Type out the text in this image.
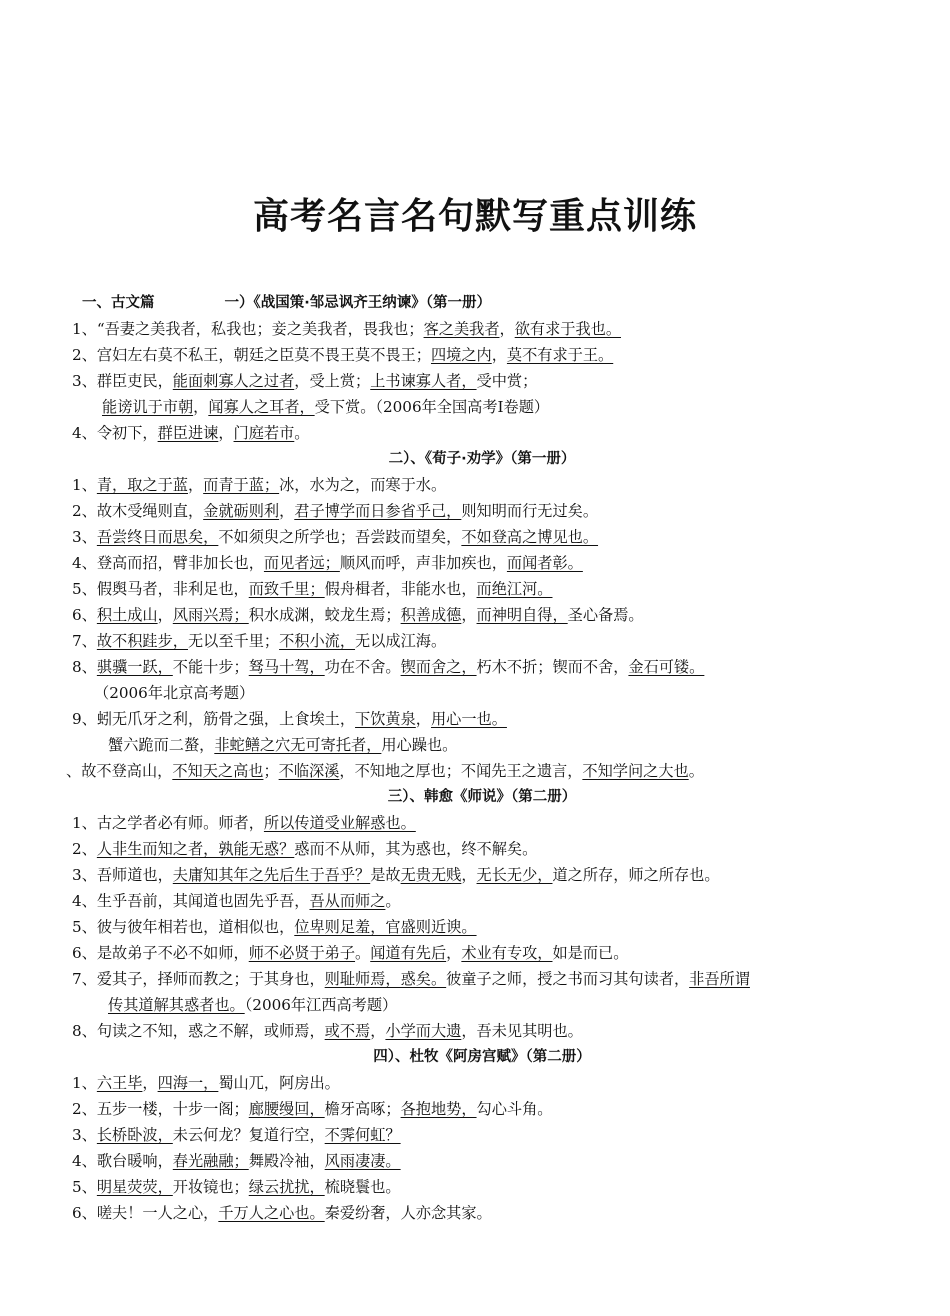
高考名言名句默写重点训练
一、古文篇	一）《战国策·邹忌讽齐王纳谏》（第一册）
1、“吾妻之美我者，私我也；妾之美我者，畏我也；客之美我者，欲有求于我也。
2、宫妇左右莫不私王，朝廷之臣莫不畏王莫不畏王；四境之内，莫不有求于王。
3、群臣吏民，能面刺寡人之过者，受上赏；上书谏寡人者，受中赏；
能谤讥于市朝，闻寡人之耳者，受下赏。（2006年全国高考Ⅰ卷题）
4、令初下，群臣进谏，门庭若市。
二）、《荀子·劝学》（第一册）
1、青，取之于蓝，而青于蓝；冰，水为之，而寒于水。
2、故木受绳则直，金就砺则利，君子博学而日参省乎己，则知明而行无过矣。
3、吾尝终日而思矣，不如须臾之所学也；吾尝跂而望矣，不如登高之博见也。
4、登高而招，臂非加长也，而见者远；顺风而呼，声非加疾也，而闻者彰。
5、假舆马者，非利足也，而致千里；假舟楫者，非能水也，而绝江河。
6、积土成山，风雨兴焉；积水成渊，蛟龙生焉；积善成德，而神明自得，圣心备焉。
7、故不积跬步，无以至千里；不积小流，无以成江海。
8、骐骥一跃，不能十步；驽马十驾，功在不舍。锲而舍之，朽木不折；锲而不舍，金石可镂。
（2006年北京高考题）
9、蚓无爪牙之利，筋骨之强，上食埃土，下饮黄泉，用心一也。
蟹六跪而二螯，非蛇鳝之穴无可寄托者，用心躁也。
、故不登高山，不知天之高也；不临深溪，不知地之厚也；不闻先王之遗言，不知学问之大也。
三）、韩愈《师说》（第二册）
1、古之学者必有师。师者，所以传道受业解惑也。
2、人非生而知之者，孰能无惑？惑而不从师，其为惑也，终不解矣。
3、吾师道也，夫庸知其年之先后生于吾乎？是故无贵无贱，无长无少，道之所存，师之所存也。
4、生乎吾前，其闻道也固先乎吾，吾从而师之。
5、彼与彼年相若也，道相似也，位卑则足羞，官盛则近谀。
6、是故弟子不必不如师，师不必贤于弟子。闻道有先后，术业有专攻，如是而已。
7、爱其子，择师而教之；于其身也，则耻师焉，惑矣。彼童子之师，授之书而习其句读者，非吾所谓
传其道解其惑者也。（2006年江西高考题）
8、句读之不知，惑之不解，或师焉，或不焉，小学而大遗，吾未见其明也。
四）、杜牧《阿房宫赋》（第二册）
1、六王毕，四海一，蜀山兀，阿房出。
2、五步一楼，十步一阁；廊腰缦回，檐牙高啄；各抱地势，勾心斗角。
3、长桥卧波，未云何龙？复道行空，不霁何虹？
4、歌台暖响，春光融融；舞殿冷袖，风雨凄凄。
5、明星荧荧，开妆镜也；绿云扰扰，梳晓鬟也。
6、嗟夫！一人之心，千万人之心也。秦爱纷奢，人亦念其家。
